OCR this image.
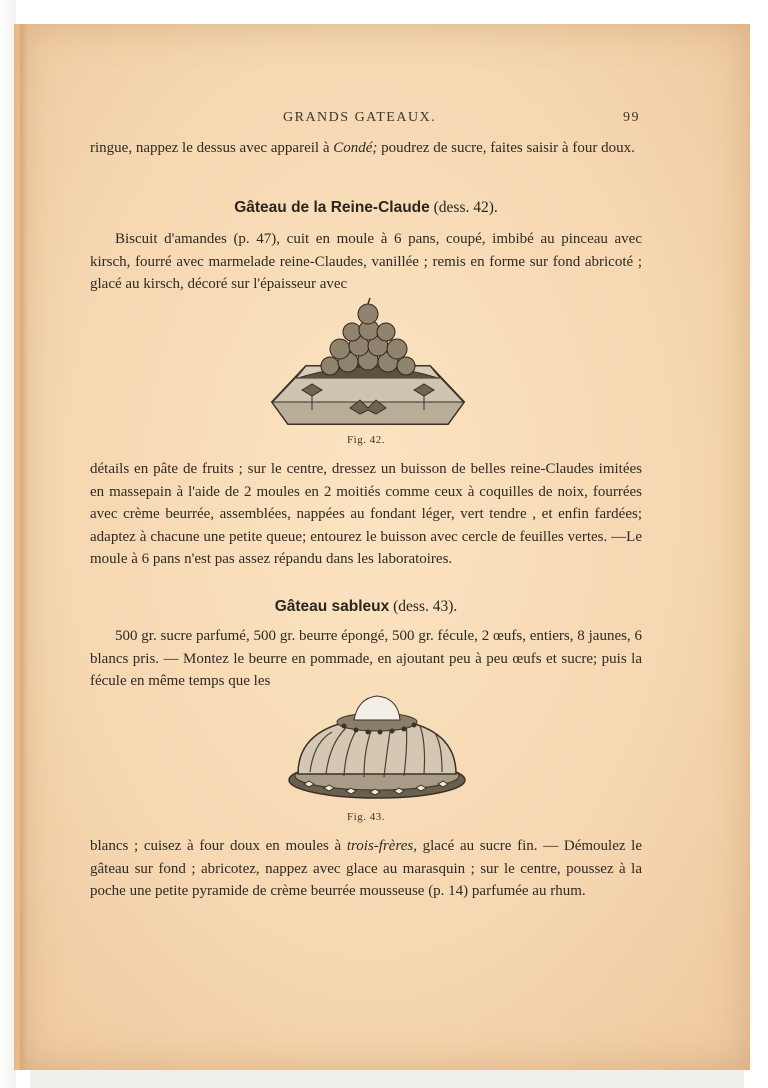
GRANDS GATEAUX.	99
ringue, nappez le dessus avec appareil à Condé; poudrez de sucre, faites saisir à four doux.
Gâteau de la Reine-Claude (dess. 42).
Biscuit d'amandes (p. 47), cuit en moule à 6 pans, coupé, imbibé au pinceau avec kirsch, fourré avec marmelade reine-Claudes, vanillée ; remis en forme sur fond abricoté ; glacé au kirsch, décoré sur l'épaisseur avec
Fig. 42.
détails en pâte de fruits ; sur le centre, dressez un buisson de belles reine-Claudes imitées en massepain à l'aide de 2 moules en 2 moitiés comme ceux à coquilles de noix, fourrées avec crème beurrée, assemblées, nappées au fondant léger, vert tendre , et enfin fardées; adaptez à chacune une petite queue; entourez le buisson avec cercle de feuilles vertes. —Le moule à 6 pans n'est pas assez répandu dans les laboratoires.
Gâteau sableux (dess. 43).
500 gr. sucre parfumé, 500 gr. beurre épongé, 500 gr. fécule, 2 œufs, entiers, 8 jaunes, 6 blancs pris. — Montez le beurre en pommade, en ajoutant peu à peu œufs et sucre; puis la fécule en même temps que les
Fig. 43.
blancs ; cuisez à four doux en moules à trois-frères, glacé au sucre fin. — Démoulez le gâteau sur fond ; abricotez, nappez avec glace au marasquin ; sur le centre, poussez à la poche une petite pyramide de crème beurrée mousseuse (p. 14) parfumée au rhum.
